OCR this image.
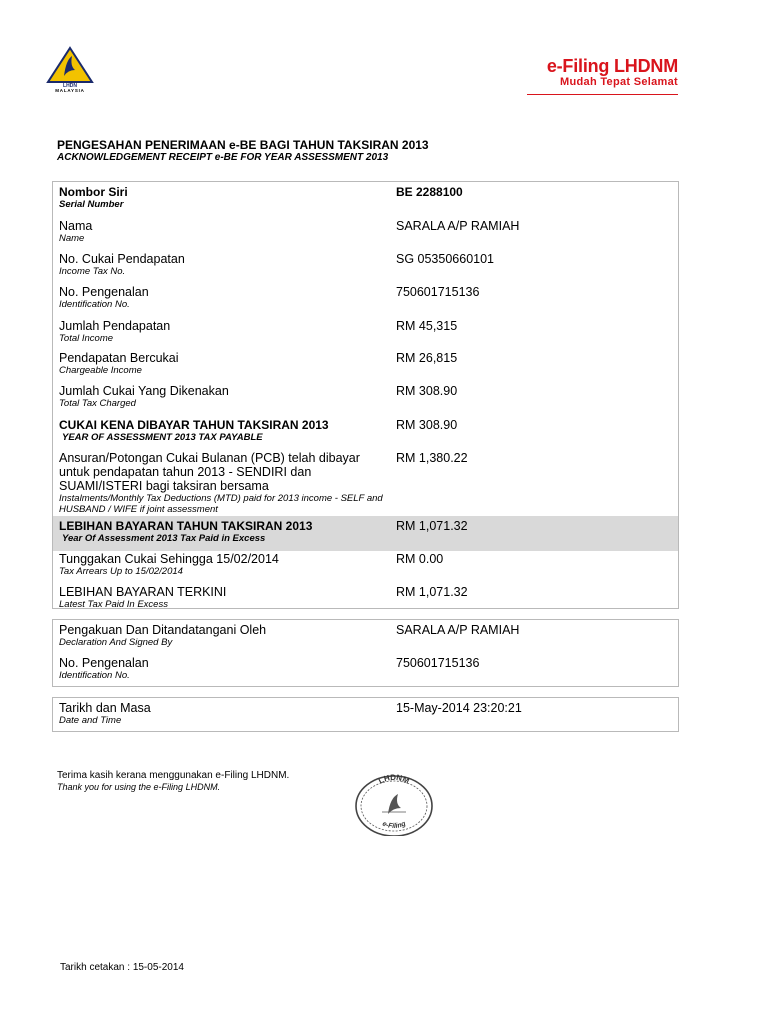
LHDN
MALAYSIA
e-Filing LHDNM
Mudah Tepat Selamat
PENGESAHAN PENERIMAAN e-BE BAGI TAHUN TAKSIRAN 2013
ACKNOWLEDGEMENT RECEIPT e-BE FOR YEAR ASSESSMENT 2013
Nombor Siri
Serial Number
BE 2288100
Nama
Name
SARALA A/P RAMIAH
No. Cukai Pendapatan
Income Tax No.
SG 05350660101
No. Pengenalan
Identification No.
750601715136
Jumlah Pendapatan
Total Income
RM 45,315
Pendapatan Bercukai
Chargeable Income
RM 26,815
Jumlah Cukai Yang Dikenakan
Total Tax Charged
RM 308.90
CUKAI KENA DIBAYAR TAHUN TAKSIRAN 2013
YEAR OF ASSESSMENT 2013 TAX PAYABLE
RM 308.90
Ansuran/Potongan Cukai Bulanan (PCB) telah dibayar untuk pendapatan tahun 2013 - SENDIRI dan SUAMI/ISTERI bagi taksiran bersama
Instalments/Monthly Tax Deductions (MTD) paid for 2013 income - SELF and HUSBAND / WIFE if joint assessment
RM 1,380.22
LEBIHAN BAYARAN TAHUN TAKSIRAN 2013
Year Of Assessment 2013 Tax Paid in Excess
RM 1,071.32
Tunggakan Cukai Sehingga 15/02/2014
Tax Arrears Up to 15/02/2014
RM 0.00
LEBIHAN BAYARAN TERKINI
Latest Tax Paid In Excess
RM 1,071.32
Pengakuan Dan Ditandatangani Oleh
Declaration And Signed By
SARALA A/P RAMIAH
No. Pengenalan
Identification No.
750601715136
Tarikh dan Masa
Date and Time
15-May-2014 23:20:21
Terima kasih kerana menggunakan e-Filing LHDNM.
Thank you for using the e-Filing LHDNM.
LHDNM
e-Filing
Tarikh cetakan : 15-05-2014
